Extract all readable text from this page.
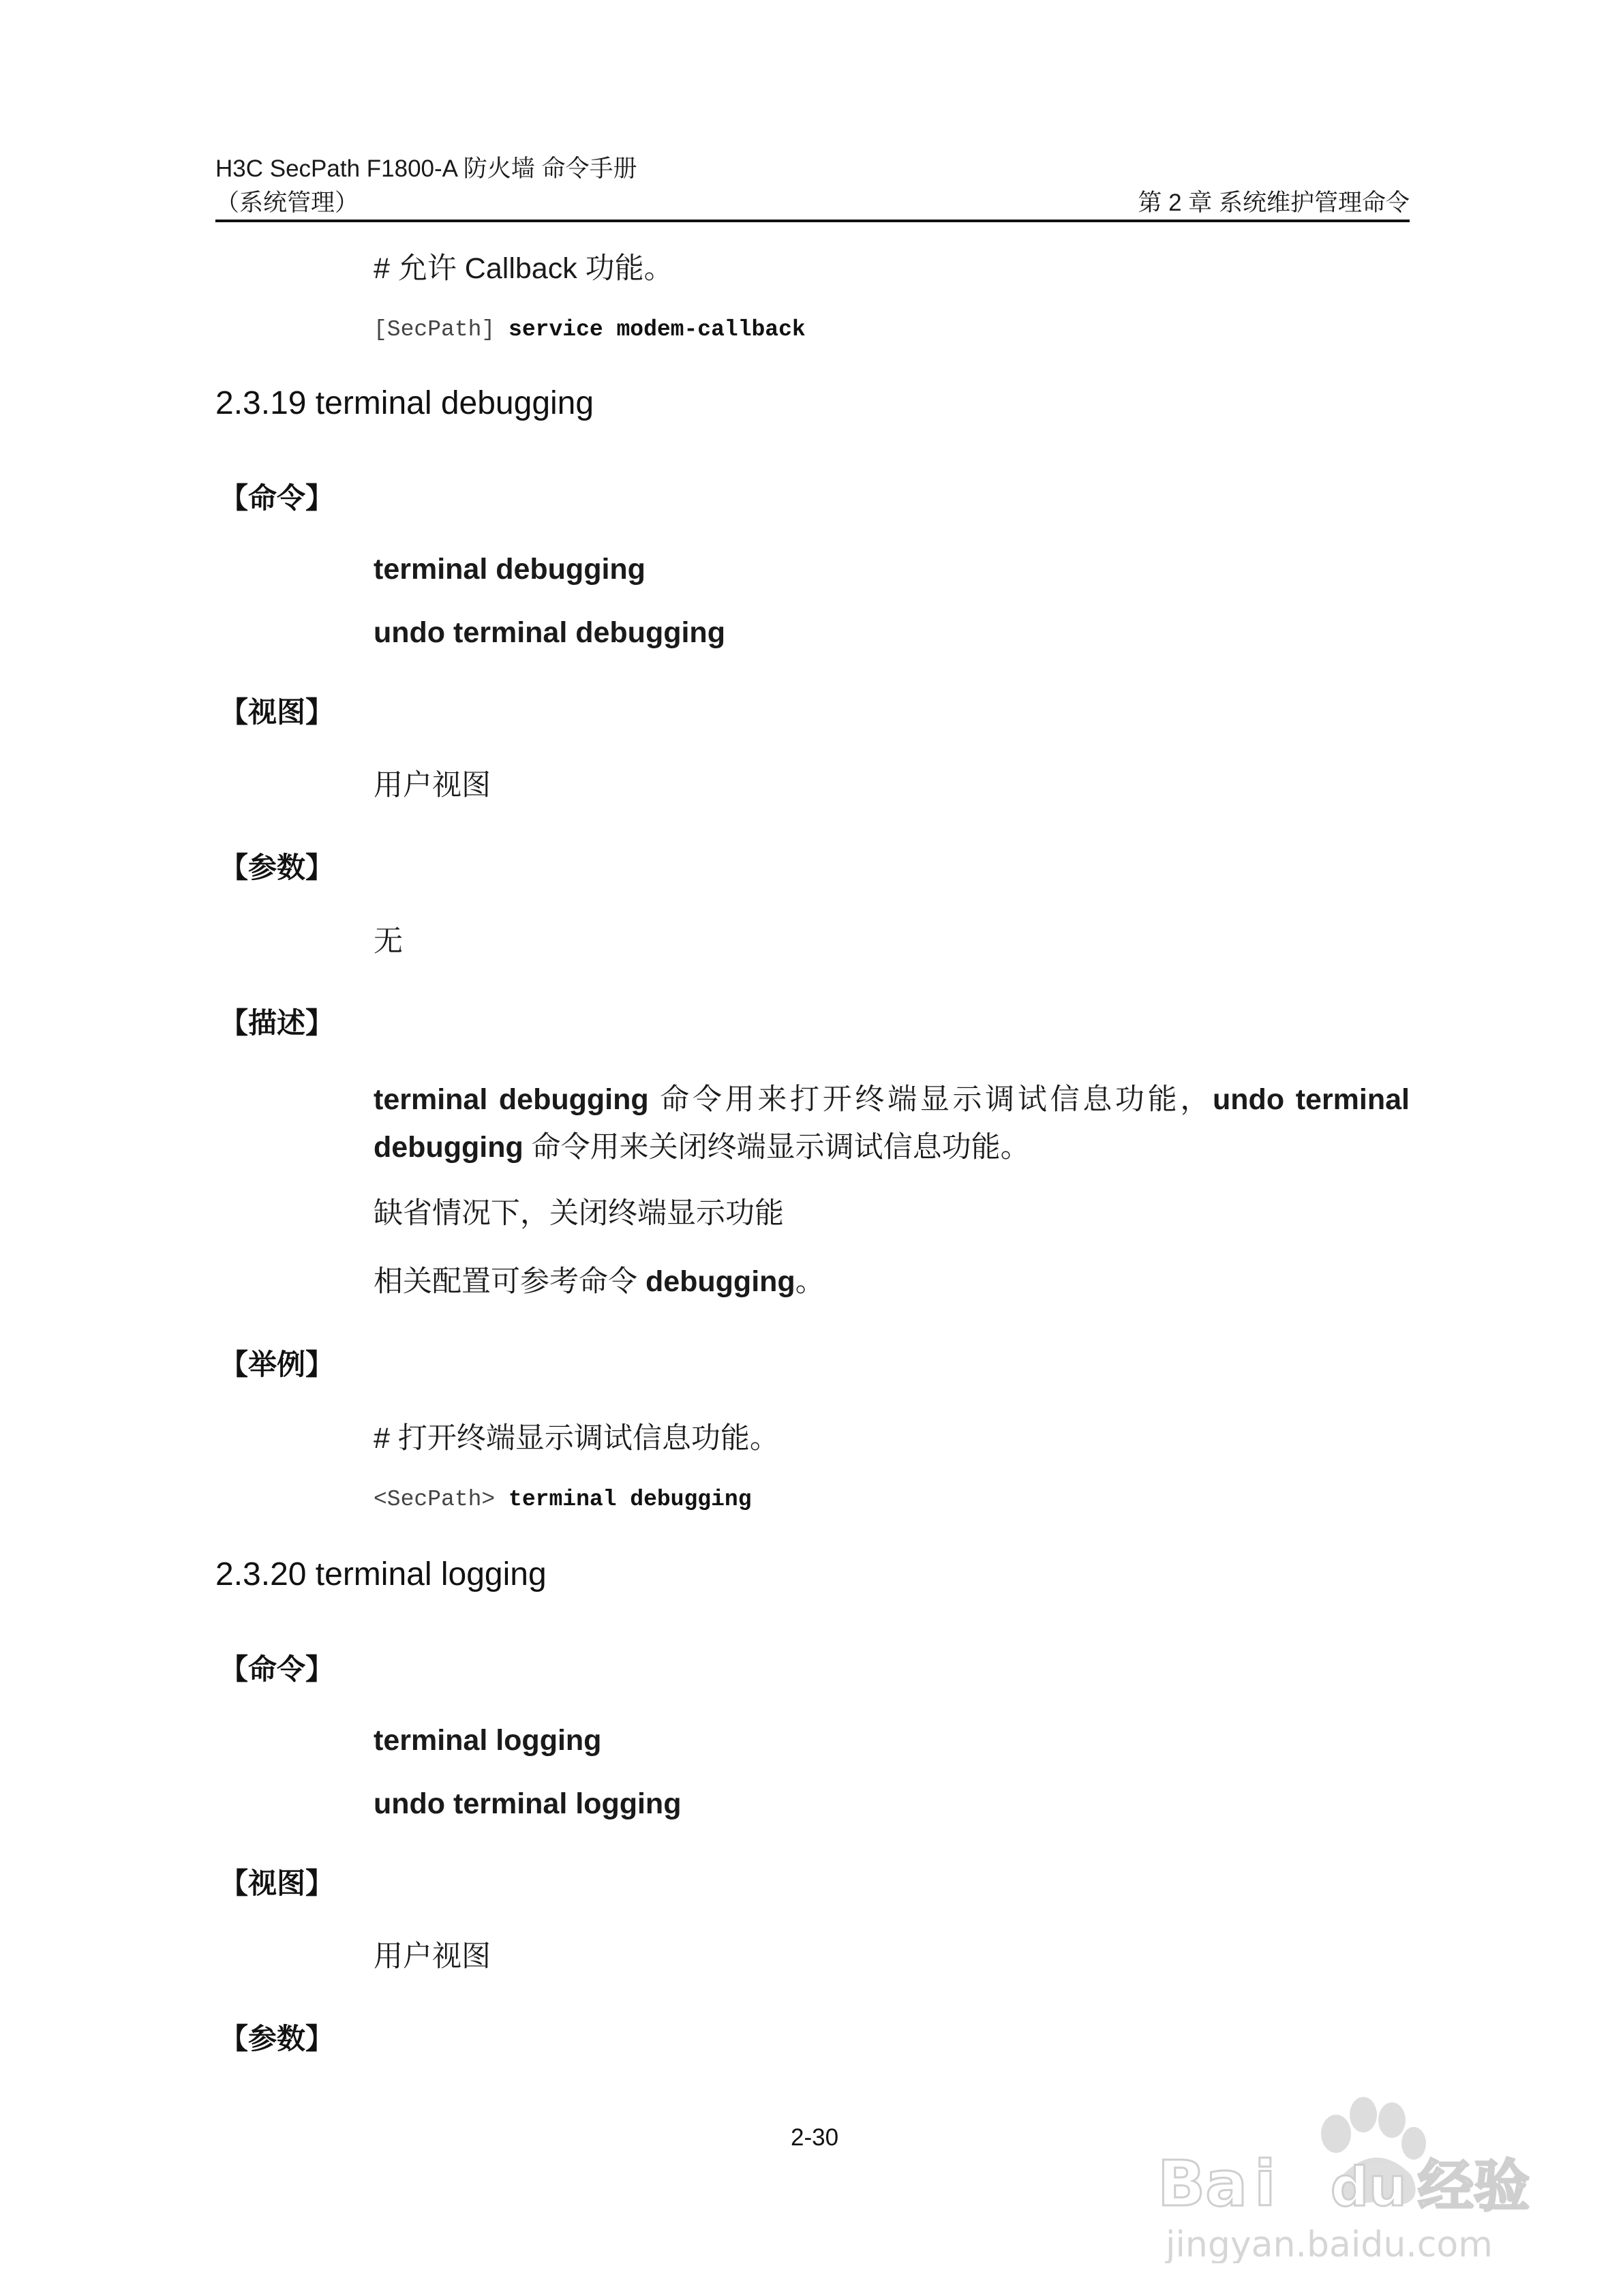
H3C SecPath F1800-A 防火墙 命令手册
（系统管理）	第 2 章 系统维护管理命令
# 允许 Callback 功能。
[SecPath] service modem-callback
2.3.19 terminal debugging
【命令】
terminal debugging
undo terminal debugging
【视图】
用户视图
【参数】
无
【描述】
terminal debugging 命令用来打开终端显示调试信息功能，undo terminal debugging 命令用来关闭终端显示调试信息功能。
缺省情况下，关闭终端显示功能
相关配置可参考命令 debugging。
【举例】
# 打开终端显示调试信息功能。
<SecPath> terminal debugging
2.3.20 terminal logging
【命令】
terminal logging
undo terminal logging
【视图】
用户视图
【参数】
2-30
Ba i du 经验
jingyan.baidu.com
